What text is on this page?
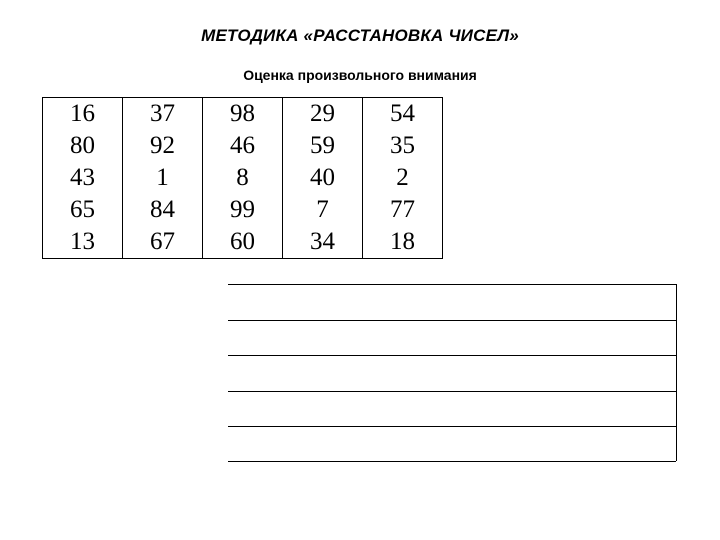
МЕТОДИКА «РАССТАНОВКА ЧИСЕЛ»
Оценка произвольного внимания
16	37	98	29	54
80	92	46	59	35
43	1	8	40	2
65	84	99	7	77
13	67	60	34	18
